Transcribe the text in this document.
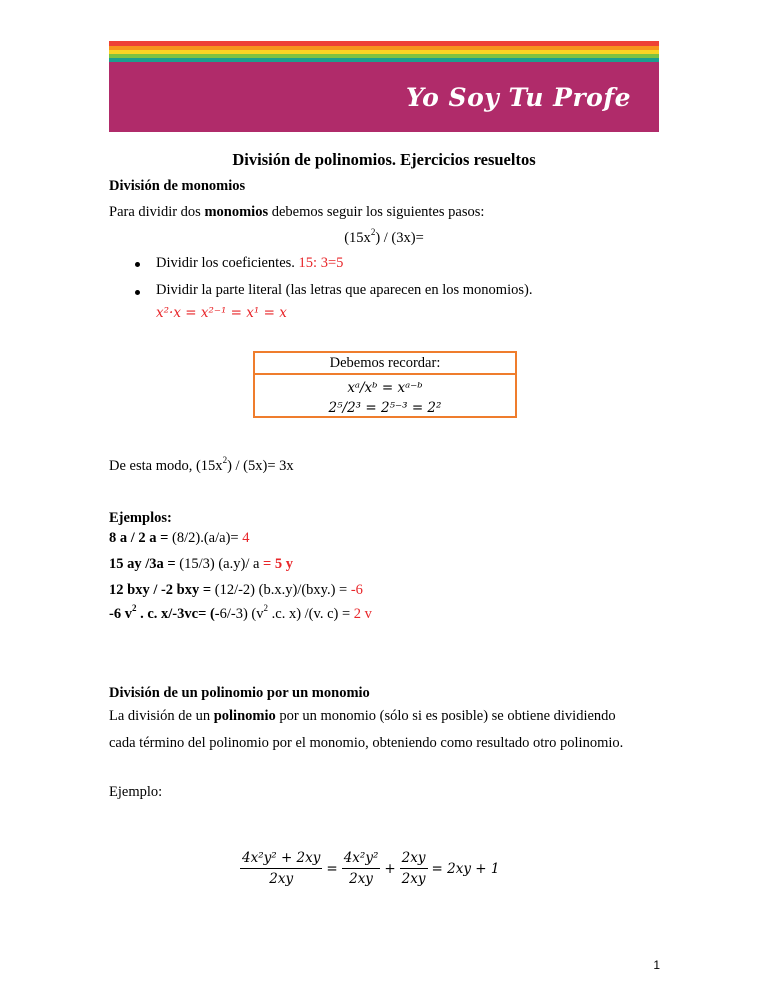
Yo Soy Tu Profe
División de polinomios. Ejercicios resueltos
División de monomios
Para dividir dos monomios debemos seguir los siguientes pasos:
$(15x^2) / (3x)=$
Dividir los coeficientes. 15: 3=5
Dividir la parte literal (las letras que aparecen en los monomios).
x²·x = x²⁻¹ = x¹ = x
Debemos recordar:
xᵃ/xᵇ = xᵃ⁻ᵇ
2⁵/2³ = 2⁵⁻³ = 2²
De esta modo, $(15x^2) / (5x)= 3x$
Ejemplos:
8 a / 2 a = (8/2).(a/a)= 4
15 ay /3a = (15/3) (a.y)/ a = 5 y
12 bxy / -2 bxy = (12/-2) (b.x.y)/(bxy.) = -6
-6 $v^2$ . c. x/-3vc= (-6/-3) ($v^2$ .c. x) /(v. c) = 2 v
División de un polinomio por un monomio
La división de un polinomio por un monomio (sólo si es posible) se obtiene dividiendo
cada término del polinomio por el monomio, obteniendo como resultado otro polinomio.
Ejemplo:
$\frac{\text{4x²y² + 2xy}}{2xy} = \frac{\text{4x²y²}}{2xy} + \frac{2xy}{2xy} = 2xy + 1$
1
